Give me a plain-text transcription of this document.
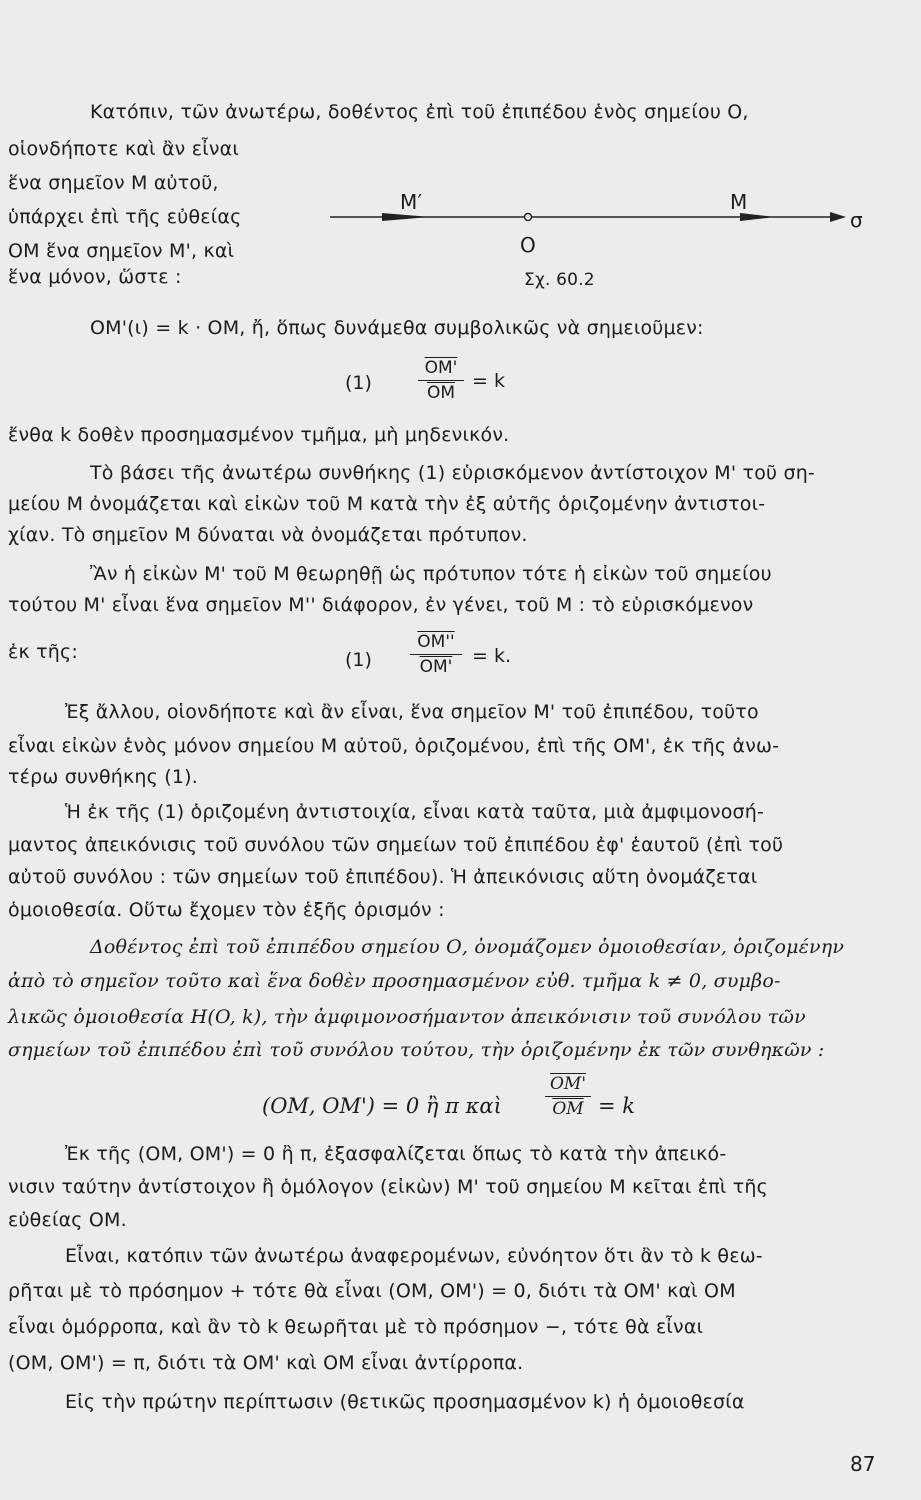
Κατόπιν, τῶν ἀνωτέρω, δοθέντος ἐπὶ τοῦ ἐπιπέδου ἑνὸς σημείου Ο,
οἱονδήποτε καὶ ἂν εἶναι
ἕνα σημεῖον Μ αὐτοῦ,
ὑπάρχει ἐπὶ τῆς εὐθείας
ΟΜ ἕνα σημεῖον Μ', καὶ
ἕνα μόνον, ὥστε :
Μ′	Μ
Ο
σ
Σχ. 60.2
OM'(ι) = k · OM, ἤ, ὅπως δυνάμεθα συμβολικῶς νὰ σημειοῦμεν:
(1)	$\frac{OM'}{OM} = k$
ἔνθα k δοθὲν προσημασμένον τμῆμα, μὴ μηδενικόν.
Τὸ βάσει τῆς ἀνωτέρω συνθήκης (1) εὑρισκόμενον ἀντίστοιχον Μ' τοῦ ση-
μείου Μ ὀνομάζεται καὶ εἰκὼν τοῦ Μ κατὰ τὴν ἐξ αὐτῆς ὁριζομένην ἀντιστοι-
χίαν. Τὸ σημεῖον Μ δύναται νὰ ὀνομάζεται πρότυπον.
Ἂν ἡ εἰκὼν Μ' τοῦ Μ θεωρηθῇ ὡς πρότυπον τότε ἡ εἰκὼν τοῦ σημείου
τούτου Μ' εἶναι ἕνα σημεῖον Μ'' διάφορον, ἐν γένει, τοῦ Μ : τὸ εὑρισκόμενον
ἐκ τῆς:	$(1) \frac{OM''}{OM'} = k$.
Ἐξ ἄλλου, οἱονδήποτε καὶ ἂν εἶναι, ἕνα σημεῖον Μ' τοῦ ἐπιπέδου, τοῦτο
εἶναι εἰκὼν ἑνὸς μόνον σημείου Μ αὐτοῦ, ὁριζομένου, ἐπὶ τῆς ΟΜ', ἐκ τῆς ἀνω-
τέρω συνθήκης (1).
Ἡ ἐκ τῆς (1) ὁριζομένη ἀντιστοιχία, εἶναι κατὰ ταῦτα, μιὰ ἀμφιμονοσή-
μαντος ἀπεικόνισις τοῦ συνόλου τῶν σημείων τοῦ ἐπιπέδου ἐφ' ἑαυτοῦ (ἐπὶ τοῦ
αὐτοῦ συνόλου : τῶν σημείων τοῦ ἐπιπέδου). Ἡ ἀπεικόνισις αὕτη ὀνομάζεται
ὁμοιοθεσία. Οὕτω ἔχομεν τὸν ἑξῆς ὁρισμόν :
Δοθέντος ἐπὶ τοῦ ἐπιπέδου σημείου Ο, ὀνομάζομεν ὁμοιοθεσίαν, ὁριζομένην
ἀπὸ τὸ σημεῖον τοῦτο καὶ ἕνα δοθὲν προσημασμένον εὐθ. τμῆμα k ≠ 0, συμβο-
λικῶς ὁμοιοθεσία H(O, k), τὴν ἀμφιμονοσήμαντον ἀπεικόνισιν τοῦ συνόλου τῶν
σημείων τοῦ ἐπιπέδου ἐπὶ τοῦ συνόλου τούτου, τὴν ὁριζομένην ἐκ τῶν συνθηκῶν :
(OM, OM') = 0 ἢ π καὶ	$\frac{OM'}{OM} = k$
Ἐκ τῆς (ΟΜ, ΟΜ') = 0 ἢ π, ἐξασφαλίζεται ὅπως τὸ κατὰ τὴν ἀπεικό-
νισιν ταύτην ἀντίστοιχον ἢ ὁμόλογον (εἰκὼν) Μ' τοῦ σημείου Μ κεῖται ἐπὶ τῆς
εὐθείας ΟΜ.
Εἶναι, κατόπιν τῶν ἀνωτέρω ἀναφερομένων, εὐνόητον ὅτι ἂν τὸ k θεω-
ρῆται μὲ τὸ πρόσημον + τότε θὰ εἶναι (ΟΜ, ΟΜ') = 0, διότι τὰ ΟΜ' καὶ ΟΜ
εἶναι ὁμόρροπα, καὶ ἂν τὸ k θεωρῆται μὲ τὸ πρόσημον −, τότε θὰ εἶναι
(ΟΜ, ΟΜ') = π, διότι τὰ ΟΜ' καὶ ΟΜ εἶναι ἀντίρροπα.
Εἰς τὴν πρώτην περίπτωσιν (θετικῶς προσημασμένον k) ἡ ὁμοιοθεσία
87
